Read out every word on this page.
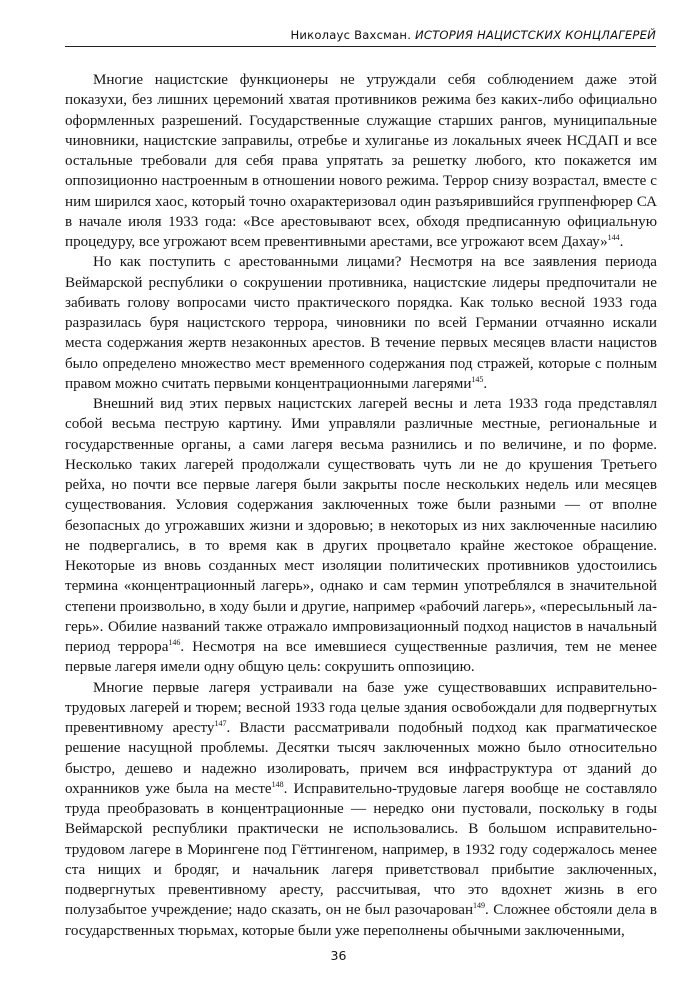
Николаус Вахсман. ИСТОРИЯ НАЦИСТСКИХ КОНЦЛАГЕРЕЙ

Многие нацистские функционеры не утруждали себя соблюдением даже этой показухи, без лишних церемоний хватая противников режима без каких-либо официально оформленных разрешений. Государственные служащие старших рангов, муниципальные чиновники, нацистские заправилы, отребье и хулиганье из локальных ячеек НСДАП и все остальные требовали для себя права упрятать за решетку любого, кто покажется им оппозиционно настроенным в отношении нового режима. Террор снизу возрастал, вместе с ним ширился хаос, который точно охарактеризовал один разъярившийся группенфюрер СА в начале июля 1933 года: «Все арестовывают всех, обходя предписанную официальную процедуру, все угрожают всем превентивными арестами, все угрожают всем Дахау»$^{144}$.

Но как поступить с арестованными лицами? Несмотря на все заявления периода Веймарской республики о сокрушении противника, нацистские лидеры предпочитали не забивать голову вопросами чисто практического порядка. Как только весной 1933 года разразилась буря нацистского террора, чиновники по всей Германии отчаянно искали места содержания жертв незаконных арестов. В течение первых месяцев власти нацистов было определено множество мест временного содержания под стражей, которые с полным правом можно считать первыми концентрационными лагерями$^{145}$.

Внешний вид этих первых нацистских лагерей весны и лета 1933 года представлял собой весьма пеструю картину. Ими управляли различные местные, региональные и государственные органы, а сами лагеря весьма разнились и по величине, и по форме. Несколько таких лагерей продолжали существовать чуть ли не до крушения Третьего рейха, но почти все первые лагеря были закрыты после нескольких недель или месяцев существования. Условия содержания заключенных тоже были разными — от вполне безопасных до угрожавших жизни и здоровью; в некоторых из них заключенные насилию не подвергались, в то время как в других процветало крайне жестокое обращение. Некоторые из вновь созданных мест изоляции политических противников удостоились термина «концентрационный лагерь», однако и сам термин употреблялся в значительной степени произвольно, в ходу были и другие, например «рабочий лагерь», «пересыльный лагерь». Обилие названий также отражало импровизационный подход нацистов в начальный период террора$^{146}$. Несмотря на все имевшиеся существенные различия, тем не менее первые лагеря имели одну общую цель: сокрушить оппозицию.

Многие первые лагеря устраивали на базе уже существовавших исправительно-трудовых лагерей и тюрем; весной 1933 года целые здания освобождали для подвергнутых превентивному аресту$^{147}$. Власти рассматривали подобный подход как прагматическое решение насущной проблемы. Десятки тысяч заключенных можно было относительно быстро, дешево и надежно изолировать, причем вся инфраструктура от зданий до охранников уже была на месте$^{148}$. Исправительно-трудовые лагеря вообще не составляло труда преобразовать в концентрационные — нередко они пустовали, поскольку в годы Веймарской республики практически не использовались. В большом исправительно-трудовом лагере в Морингене под Гёттингеном, например, в 1932 году содержалось менее ста нищих и бродяг, и начальник лагеря приветствовал прибытие заключенных, подвергнутых превентивному аресту, рассчитывая, что это вдохнет жизнь в его полузабытое учреждение; надо сказать, он не был разочарован$^{149}$. Сложнее обстояли дела в государственных тюрьмах, которые были уже переполнены обычными заключенными,

36
